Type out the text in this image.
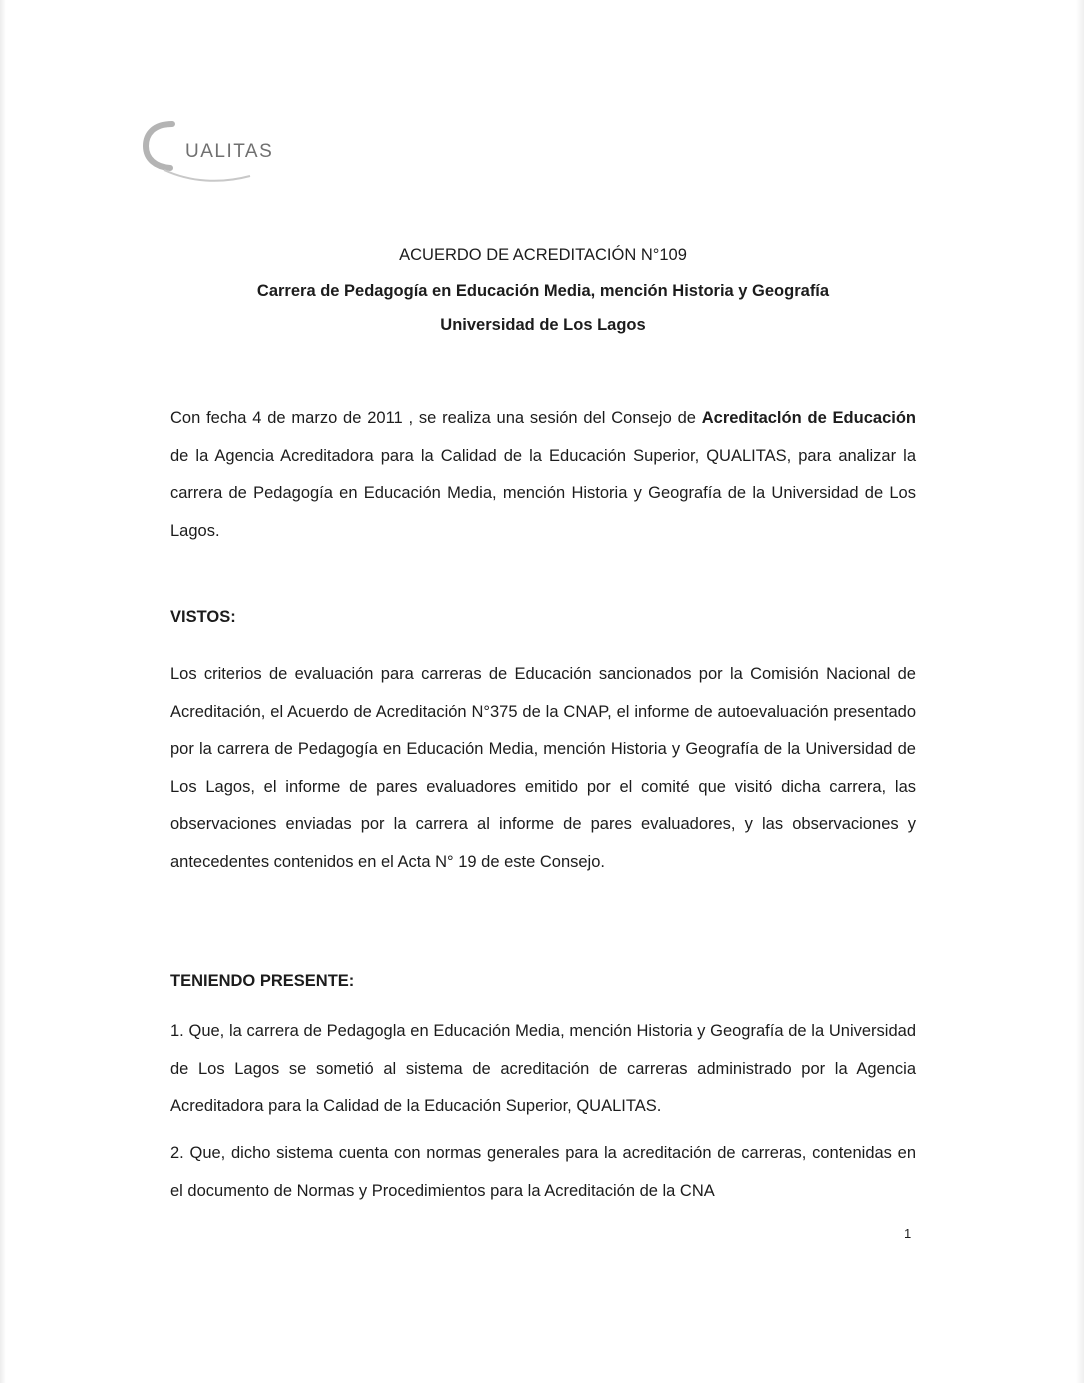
UALITAS
ACUERDO DE ACREDITACIÓN N°109
Carrera de Pedagogía en Educación Media, mención Historia y Geografía
Universidad de Los Lagos

Con fecha 4 de marzo de 2011 , se realiza una sesión del Consejo de Acreditaclón de Educación de la Agencia Acreditadora para la Calidad de la Educación Superior, QUALITAS, para analizar la carrera de Pedagogía en Educación Media, mención Historia y Geografía de la Universidad de Los Lagos.

VISTOS:

Los criterios de evaluación para carreras de Educación sancionados por la Comisión Nacional de Acreditación, el Acuerdo de Acreditación N°375 de la CNAP, el informe de autoevaluación presentado por la carrera de Pedagogía en Educación Media, mención Historia y Geografía de la Universidad de Los Lagos, el informe de pares evaluadores emitido por el comité que visitó dicha carrera, las observaciones enviadas por la carrera al informe de pares evaluadores, y las observaciones y antecedentes contenidos en el Acta N° 19 de este Consejo.

TENIENDO PRESENTE:

1. Que, la carrera de Pedagogla en Educación Media, mención Historia y Geografía de la Universidad de Los Lagos se sometió al sistema de acreditación de carreras administrado por la Agencia Acreditadora para la Calidad de la Educación Superior, QUALITAS.

2. Que, dicho sistema cuenta con normas generales para la acreditación de carreras, contenidas en el documento de Normas y Procedimientos para la Acreditación de la CNA

1
